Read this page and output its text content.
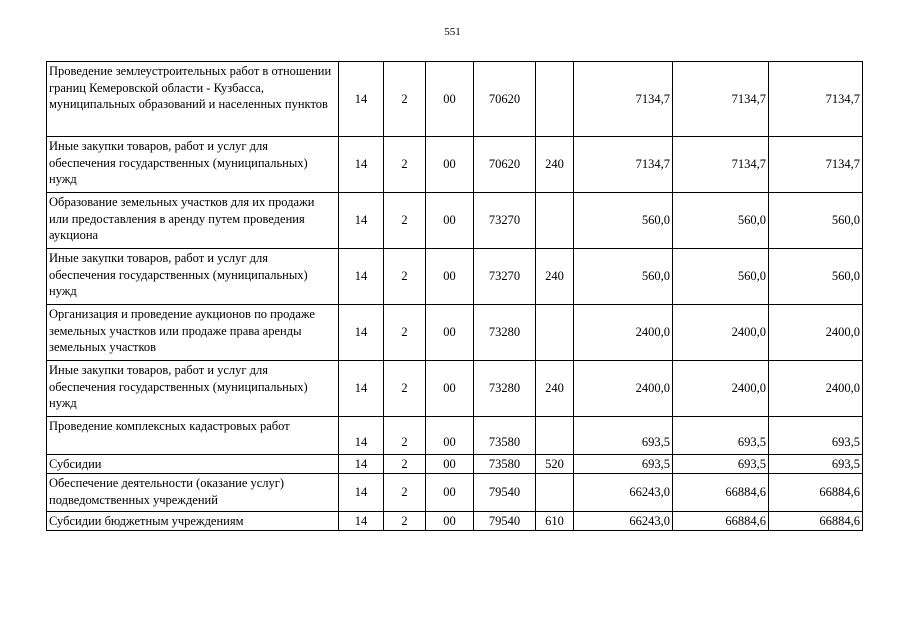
551
Проведение землеустроительных работ в отношении границ Кемеровской области - Кузбасса, муниципальных образований и населенных пунктов	14	2	00	70620		7134,7	7134,7	7134,7
Иные закупки товаров, работ и услуг для обеспечения государственных (муниципальных) нужд	14	2	00	70620	240	7134,7	7134,7	7134,7
Образование земельных участков для их продажи или предоставления в аренду путем проведения аукциона	14	2	00	73270		560,0	560,0	560,0
Иные закупки товаров, работ и услуг для обеспечения государственных (муниципальных) нужд	14	2	00	73270	240	560,0	560,0	560,0
Организация и проведение аукционов по продаже земельных участков или продаже права аренды земельных участков	14	2	00	73280		2400,0	2400,0	2400,0
Иные закупки товаров, работ и услуг для обеспечения государственных (муниципальных) нужд	14	2	00	73280	240	2400,0	2400,0	2400,0
Проведение комплексных кадастровых работ	14	2	00	73580		693,5	693,5	693,5
Субсидии	14	2	00	73580	520	693,5	693,5	693,5
Обеспечение деятельности (оказание услуг) подведомственных учреждений	14	2	00	79540		66243,0	66884,6	66884,6
Субсидии бюджетным учреждениям	14	2	00	79540	610	66243,0	66884,6	66884,6
